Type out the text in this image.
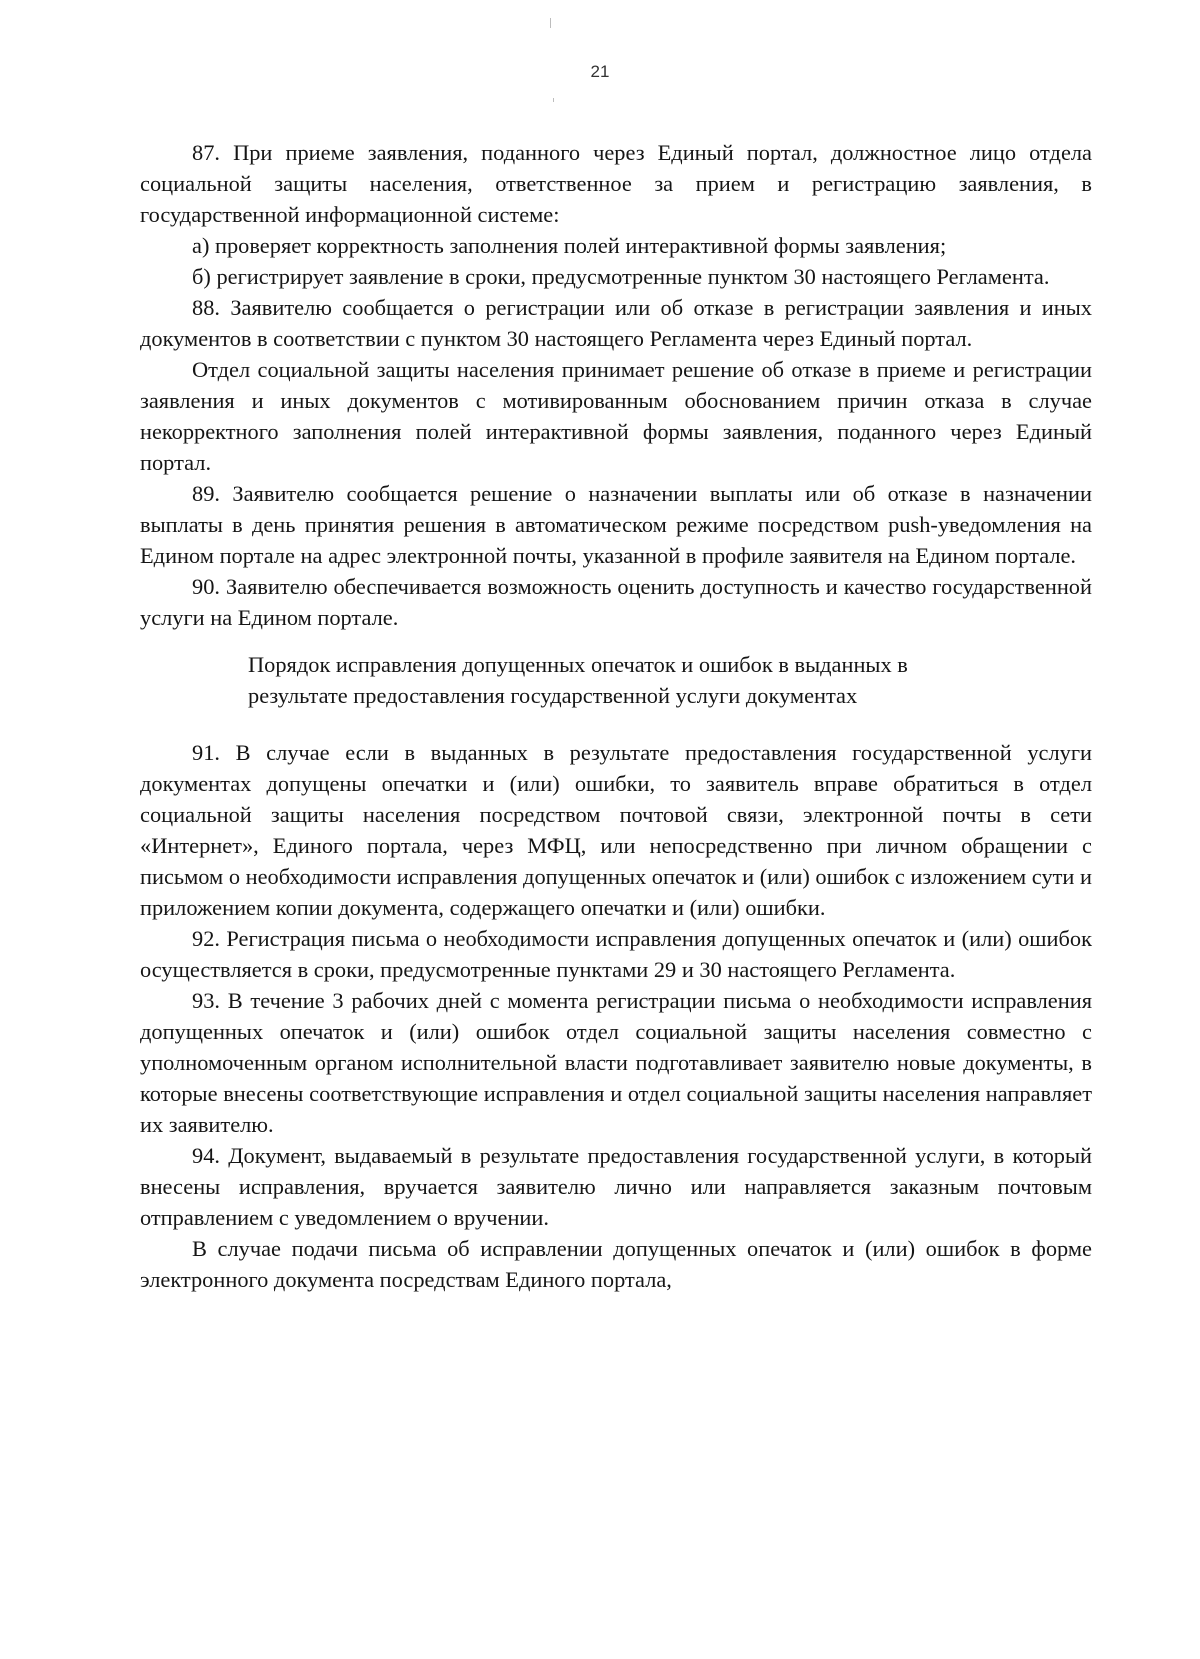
21

87. При приеме заявления, поданного через Единый портал, должностное лицо отдела социальной защиты населения, ответственное за прием и регистрацию заявления, в государственной информационной системе:

а) проверяет корректность заполнения полей интерактивной формы заявления;

б) регистрирует заявление в сроки, предусмотренные пунктом 30 настоящего Регламента.

88. Заявителю сообщается о регистрации или об отказе в регистрации заявления и иных документов в соответствии с пунктом 30 настоящего Регламента через Единый портал.

Отдел социальной защиты населения принимает решение об отказе в приеме и регистрации заявления и иных документов с мотивированным обоснованием причин отказа в случае некорректного заполнения полей интерактивной формы заявления, поданного через Единый портал.

89. Заявителю сообщается решение о назначении выплаты или об отказе в назначении выплаты в день принятия решения в автоматическом режиме посредством push-уведомления на Едином портале на адрес электронной почты, указанной в профиле заявителя на Едином портале.

90. Заявителю обеспечивается возможность оценить доступность и качество государственной услуги на Едином портале.

Порядок исправления допущенных опечаток и ошибок в выданных в результате предоставления государственной услуги документах

91. В случае если в выданных в результате предоставления государственной услуги документах допущены опечатки и (или) ошибки, то заявитель вправе обратиться в отдел социальной защиты населения посредством почтовой связи, электронной почты в сети «Интернет», Единого портала, через МФЦ, или непосредственно при личном обращении с письмом о необходимости исправления допущенных опечаток и (или) ошибок с изложением сути и приложением копии документа, содержащего опечатки и (или) ошибки.

92. Регистрация письма о необходимости исправления допущенных опечаток и (или) ошибок осуществляется в сроки, предусмотренные пунктами 29 и 30 настоящего Регламента.

93. В течение 3 рабочих дней с момента регистрации письма о необходимости исправления допущенных опечаток и (или) ошибок отдел социальной защиты населения совместно с уполномоченным органом исполнительной власти подготавливает заявителю новые документы, в которые внесены соответствующие исправления и отдел социальной защиты населения направляет их заявителю.

94. Документ, выдаваемый в результате предоставления государственной услуги, в который внесены исправления, вручается заявителю лично или направляется заказным почтовым отправлением с уведомлением о вручении.

В случае подачи письма об исправлении допущенных опечаток и (или) ошибок в форме электронного документа посредствам Единого портала,
